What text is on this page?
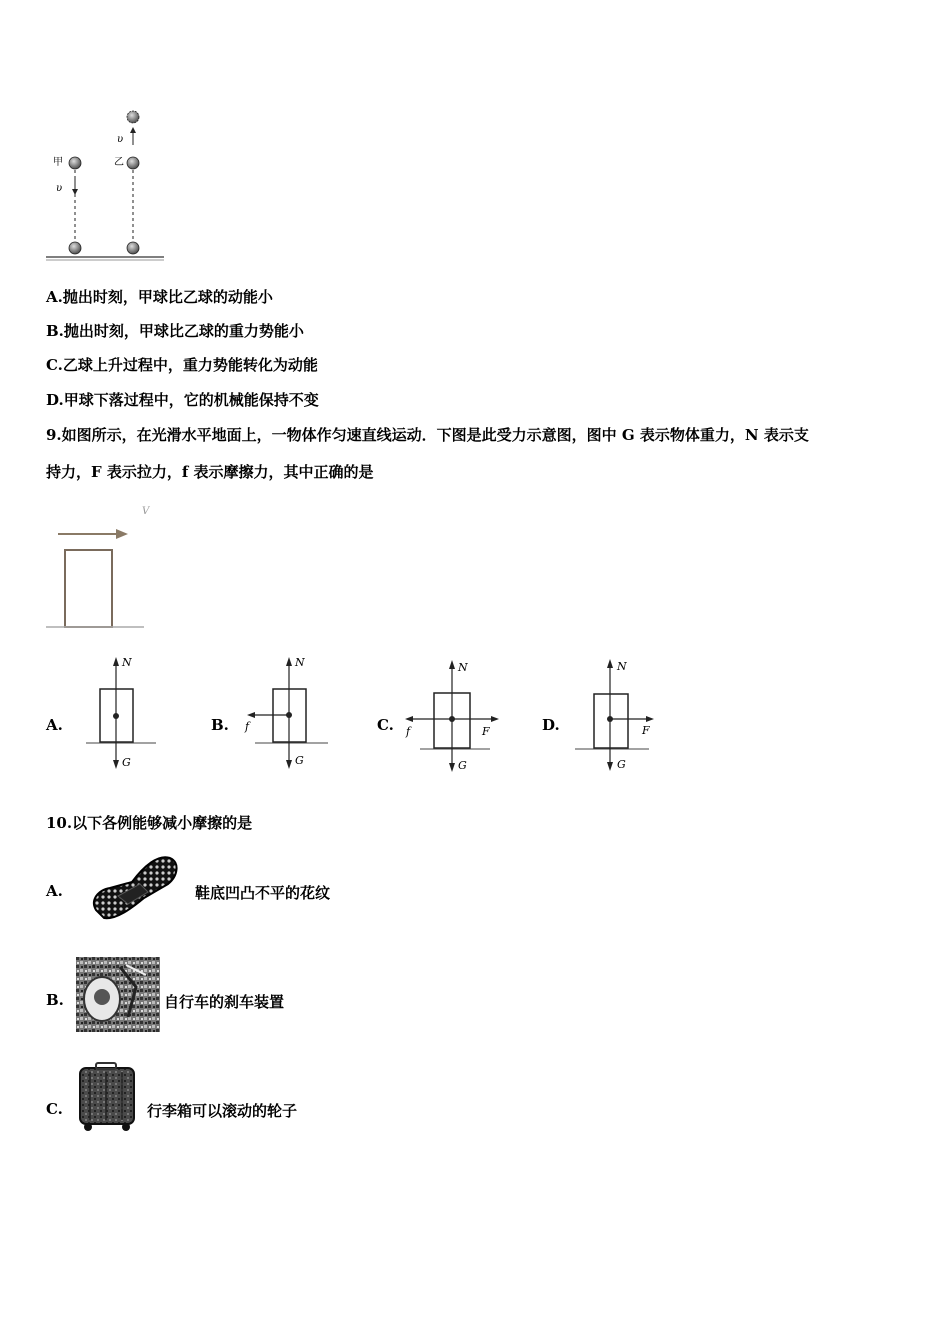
甲
υ
乙
υ
A.抛出时刻，甲球比乙球的动能小
B.抛出时刻，甲球比乙球的重力势能小
C.乙球上升过程中，重力势能转化为动能
D.甲球下落过程中，它的机械能保持不变
9.如图所示，在光滑水平地面上，一物体作匀速直线运动．下图是此受力示意图，图中 G 表示物体重力，N 表示支
持力，F 表示拉力，f 表示摩擦力，其中正确的是
V
A.	B.	C.	D.
N
G
N
G
f
N
G
f	F
N
G
F
10.以下各例能够减小摩擦的是
A.	鞋底凹凸不平的花纹
B.	自行车的刹车装置
C.	行李箱可以滚动的轮子
